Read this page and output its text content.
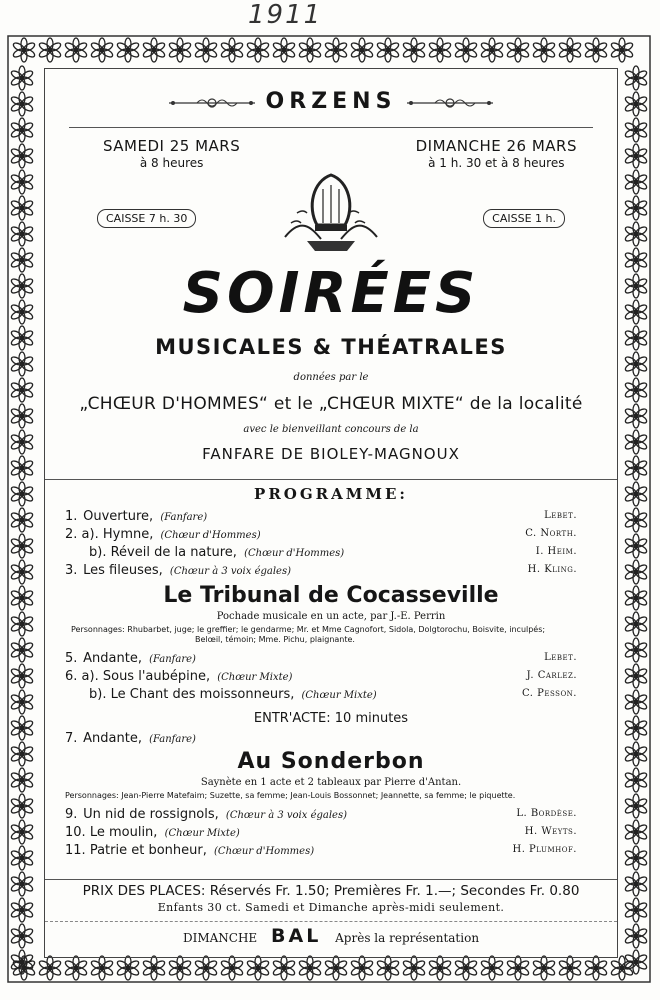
1911
ORZENS
SAMEDI 25 MARS
à 8 heures
DIMANCHE 26 MARS
à 1 h. 30 et à 8 heures
CAISSE 7 h. 30	CAISSE 1 h.
SOIRÉES
MUSICALES & THÉATRALES
données par le
„CHŒUR D'HOMMES“ et le „CHŒUR MIXTE“ de la localité
avec le bienveillant concours de la
FANFARE DE BIOLEY-MAGNOUX
PROGRAMME:
1. Ouverture, (Fanfare)	Lebet.
2. a). Hymne, (Chœur d'Hommes)	C. North.
b). Réveil de la nature, (Chœur d'Hommes)	I. Heim.
3. Les fileuses, (Chœur à 3 voix égales)	H. Kling.
Le Tribunal de Cocasseville
Pochade musicale en un acte, par J.-E. Perrin
Personnages: Rhubarbet, juge; le greffier; le gendarme; Mr. et Mme Cagnofort, Sidola, Dolgtorochu, Boisvite, inculpés;
Belœil, témoin; Mme. Pichu, plaignante.
5. Andante, (Fanfare)	Lebet.
6. a). Sous l'aubépine, (Chœur Mixte)	J. Carlez.
b). Le Chant des moissonneurs, (Chœur Mixte)	C. Pesson.
ENTR'ACTE: 10 minutes
7. Andante, (Fanfare)
Au Sonderbon
Saynète en 1 acte et 2 tableaux par Pierre d'Antan.
Personnages: Jean-Pierre Matefaim; Suzette, sa femme; Jean-Louis Bossonnet; Jeannette, sa femme; le piquette.
9. Un nid de rossignols, (Chœur à 3 voix égales)	L. Bordèse.
10. Le moulin, (Chœur Mixte)	H. Weyts.
11. Patrie et bonheur, (Chœur d'Hommes)	H. Plumhof.
PRIX DES PLACES: Réservés Fr. 1.50; Premières Fr. 1.—; Secondes Fr. 0.80
Enfants 30 ct. Samedi et Dimanche après-midi seulement.
DIMANCHE BAL Après la représentation
